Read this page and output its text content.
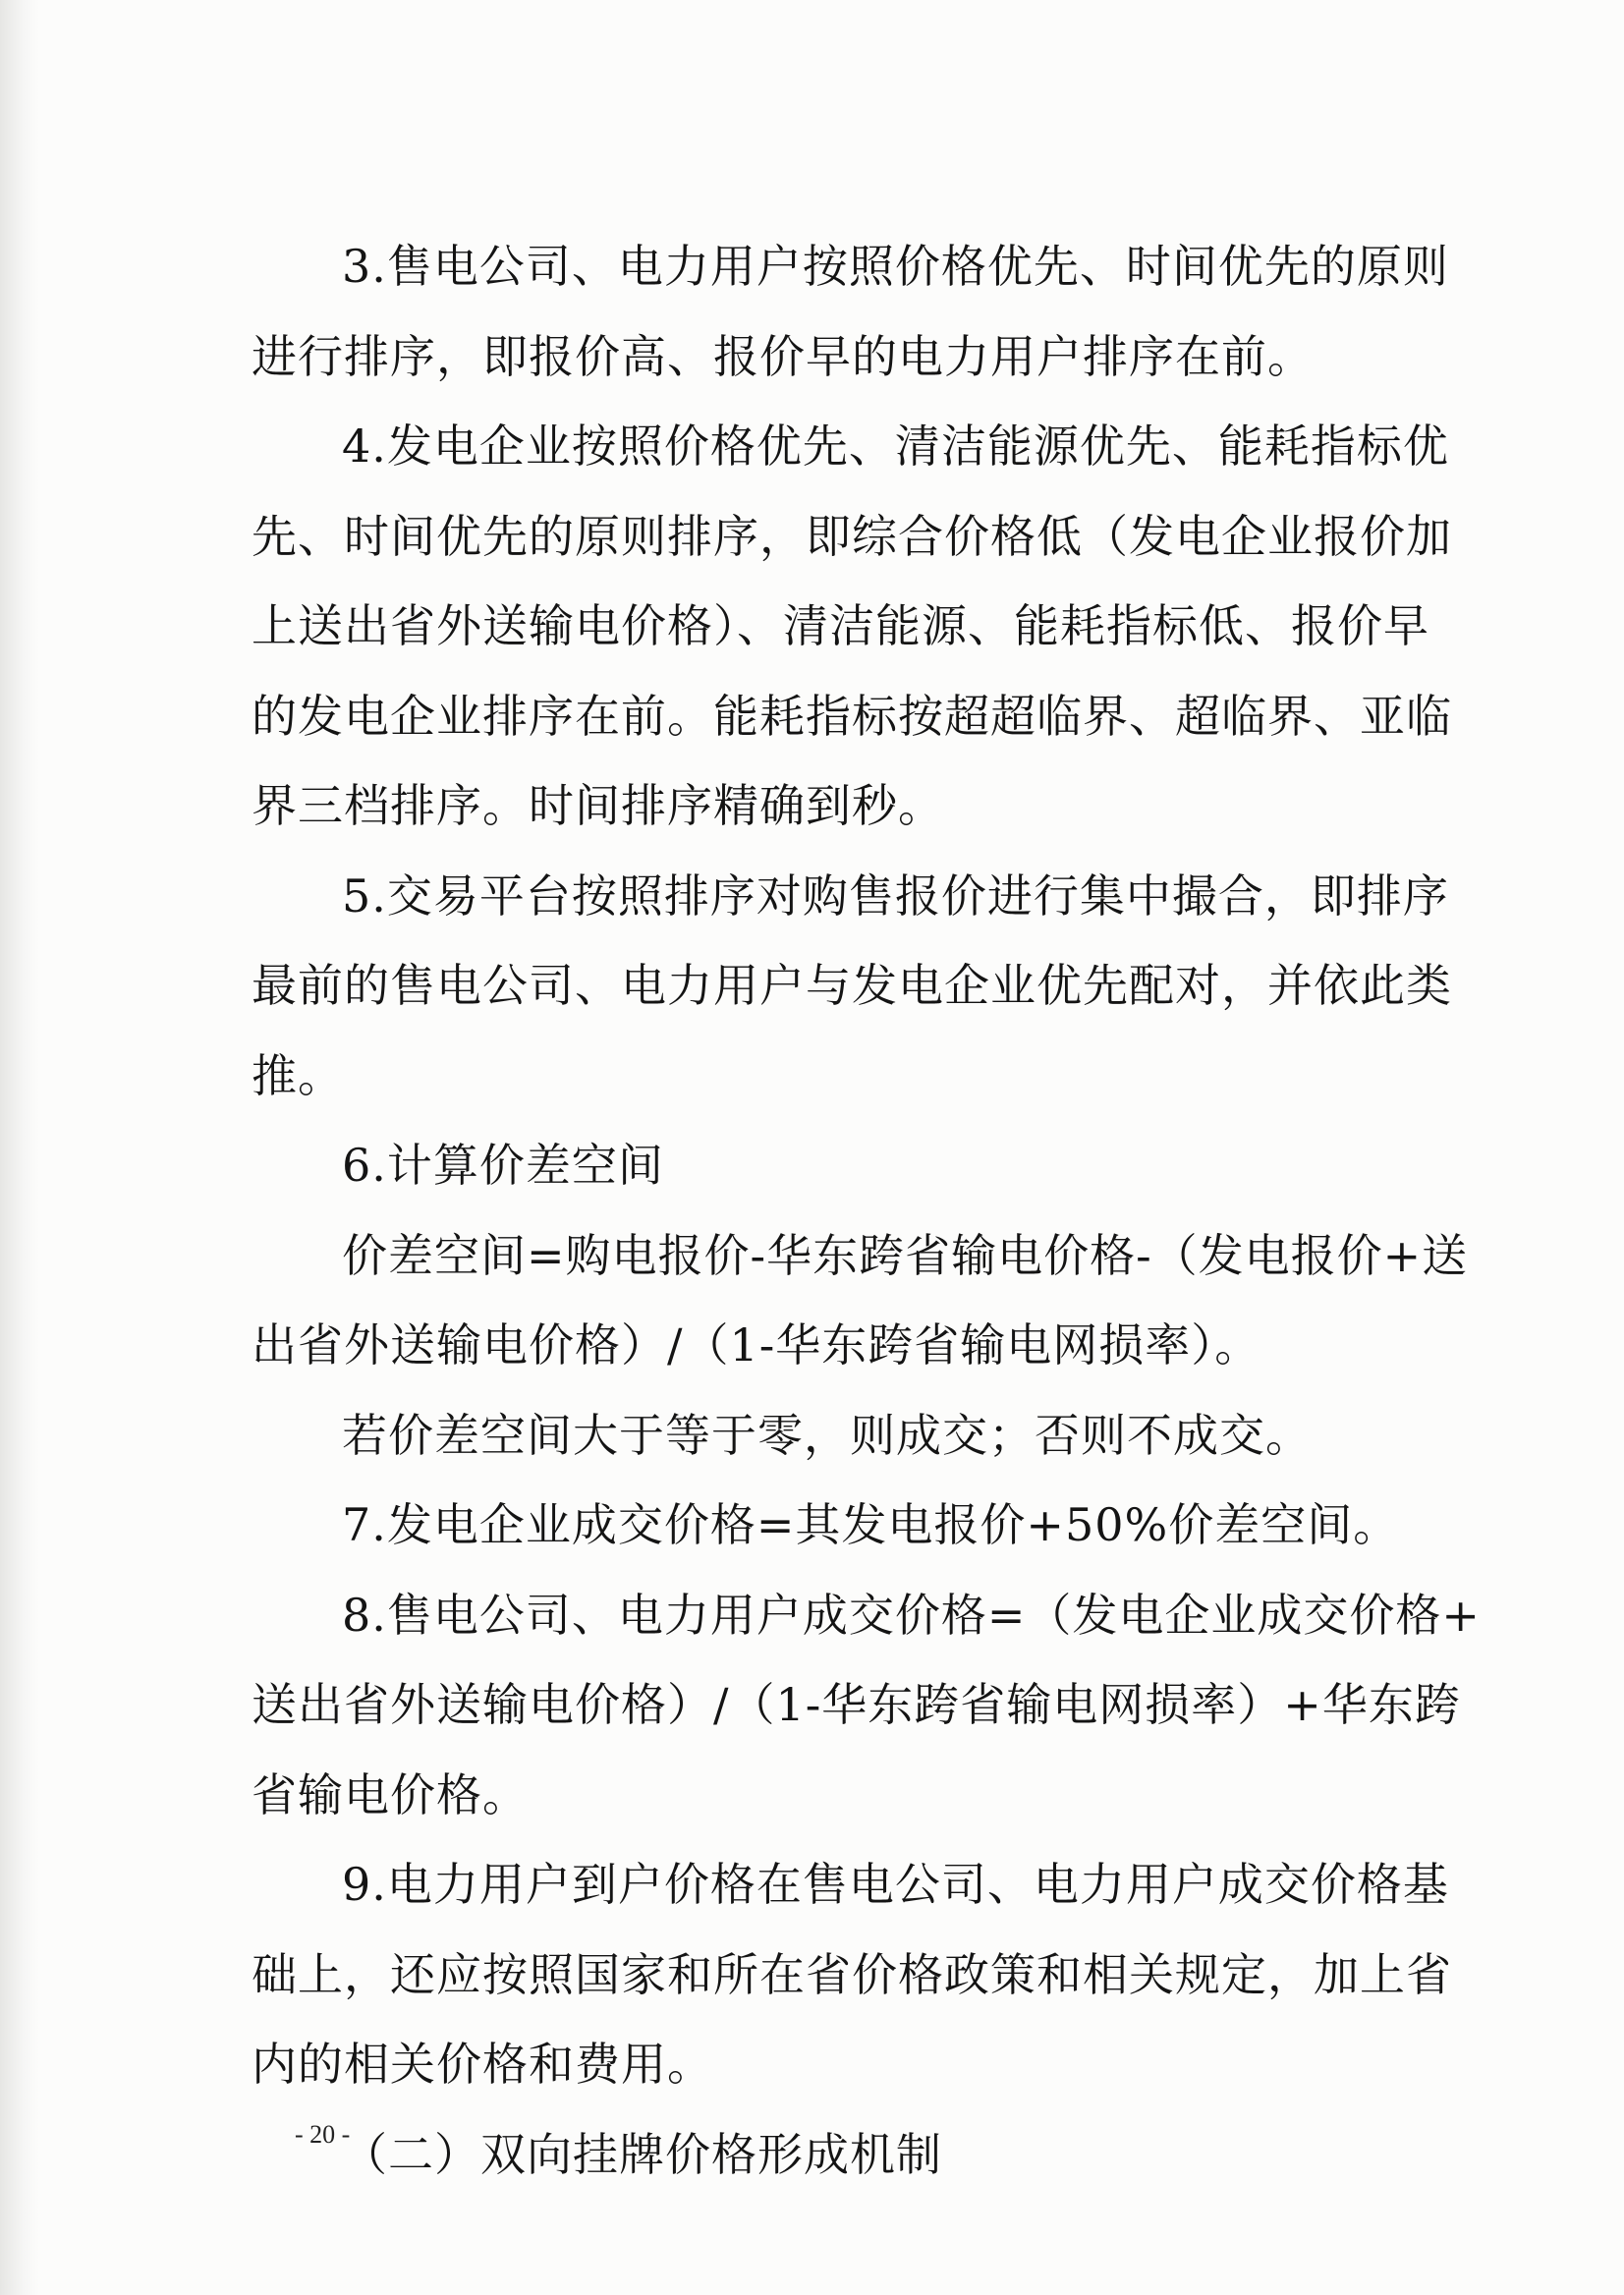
3.售电公司、电力用户按照价格优先、时间优先的原则
进行排序，即报价高、报价早的电力用户排序在前。
4.发电企业按照价格优先、清洁能源优先、能耗指标优
先、时间优先的原则排序，即综合价格低（发电企业报价加
上送出省外送输电价格）、清洁能源、能耗指标低、报价早
的发电企业排序在前。能耗指标按超超临界、超临界、亚临
界三档排序。时间排序精确到秒。
5.交易平台按照排序对购售报价进行集中撮合，即排序
最前的售电公司、电力用户与发电企业优先配对，并依此类
推。
6.计算价差空间
价差空间=购电报价-华东跨省输电价格-（发电报价+送
出省外送输电价格）/（1-华东跨省输电网损率）。
若价差空间大于等于零，则成交；否则不成交。
7.发电企业成交价格=其发电报价+50%价差空间。
8.售电公司、电力用户成交价格=（发电企业成交价格+
送出省外送输电价格）/（1-华东跨省输电网损率）+华东跨
省输电价格。
9.电力用户到户价格在售电公司、电力用户成交价格基
础上，还应按照国家和所在省价格政策和相关规定，加上省
内的相关价格和费用。
（二）双向挂牌价格形成机制
- 20 -
